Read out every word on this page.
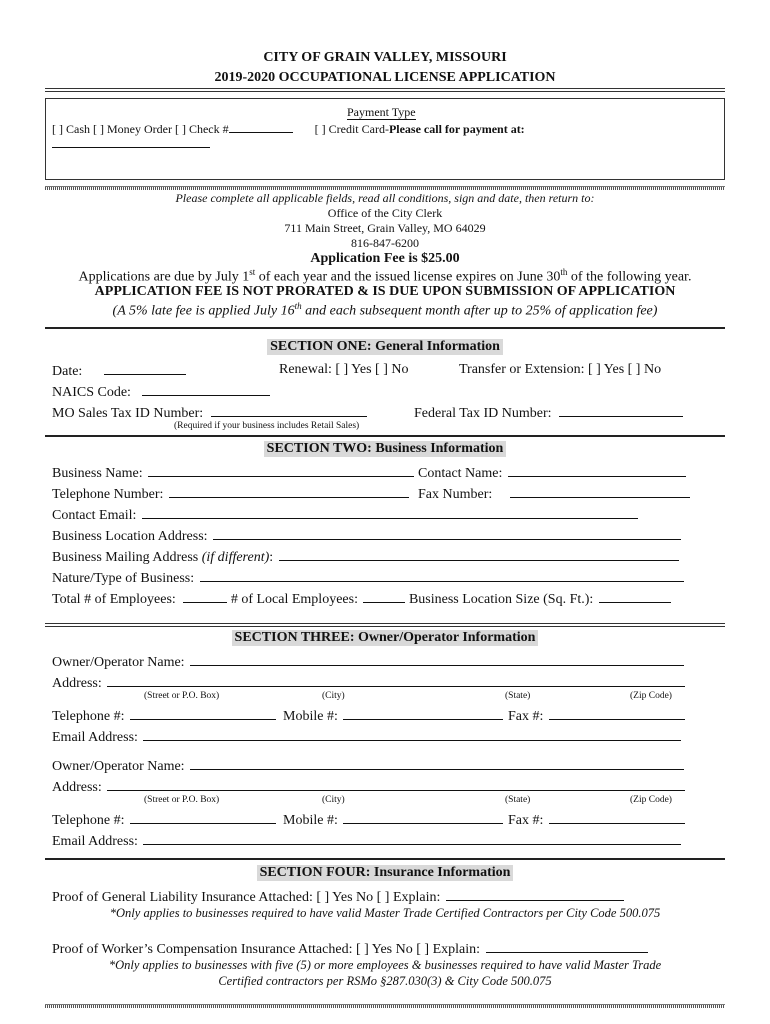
CITY OF GRAIN VALLEY, MISSOURI
2019-2020 OCCUPATIONAL LICENSE APPLICATION
Payment Type
[ ] Cash [ ] Money Order [ ] Check #	[ ] Credit Card-Please call for payment at:
Please complete all applicable fields, read all conditions, sign and date, then return to:
Office of the City Clerk
711 Main Street, Grain Valley, MO 64029
816-847-6200
Application Fee is $25.00
Applications are due by July 1st of each year and the issued license expires on June 30th of the following year.
APPLICATION FEE IS NOT PRORATED & IS DUE UPON SUBMISSION OF APPLICATION
(A 5% late fee is applied July 16th and each subsequent month after up to 25% of application fee)
SECTION ONE: General Information
Date:	Renewal: [ ] Yes [ ] No	Transfer or Extension: [ ] Yes [ ] No
NAICS Code:
MO Sales Tax ID Number:	Federal Tax ID Number:
(Required if your business includes Retail Sales)
SECTION TWO: Business Information
Business Name:	Contact Name:
Telephone Number:	Fax Number:
Contact Email:
Business Location Address:
Business Mailing Address (if different):
Nature/Type of Business:
Total # of Employees:	# of Local Employees:	Business Location Size (Sq. Ft.):
SECTION THREE: Owner/Operator Information
Owner/Operator Name:
Address:
(Street or P.O. Box)	(City)	(State)	(Zip Code)
Telephone #:	Mobile #:	Fax #:
Email Address:
Owner/Operator Name:
Address:
(Street or P.O. Box)	(City)	(State)	(Zip Code)
Telephone #:	Mobile #:	Fax #:
Email Address:
SECTION FOUR: Insurance Information
Proof of General Liability Insurance Attached: [ ] Yes No [ ] Explain:
*Only applies to businesses required to have valid Master Trade Certified Contractors per City Code 500.075
Proof of Worker’s Compensation Insurance Attached: [ ] Yes No [ ] Explain:
*Only applies to businesses with five (5) or more employees & businesses required to have valid Master Trade
Certified contractors per RSMo §287.030(3) & City Code 500.075
